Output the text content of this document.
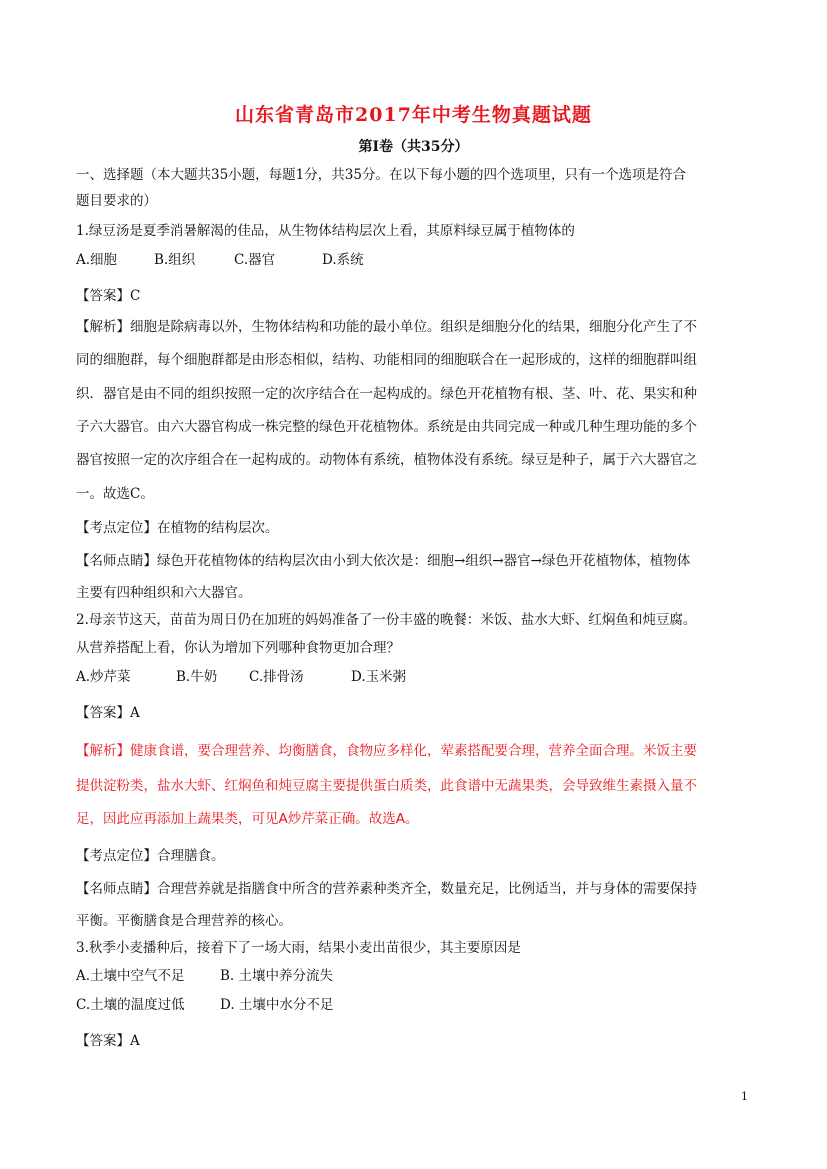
山东省青岛市2017年中考生物真题试题
第Ⅰ卷（共35分）
一、选择题（本大题共35小题，每题1分，共35分。在以下每小题的四个选项里，只有一个选项是符合
题目要求的）
1.绿豆汤是夏季消暑解渴的佳品，从生物体结构层次上看，其原料绿豆属于植物体的
A.细胞	B.组织	C.器官	D.系统
【答案】C
【解析】细胞是除病毒以外，生物体结构和功能的最小单位。组织是细胞分化的结果，细胞分化产生了不
同的细胞群，每个细胞群都是由形态相似，结构、功能相同的细胞联合在一起形成的，这样的细胞群叫组
织．器官是由不同的组织按照一定的次序结合在一起构成的。绿色开花植物有根、茎、叶、花、果实和种
子六大器官。由六大器官构成一株完整的绿色开花植物体。系统是由共同完成一种或几种生理功能的多个
器官按照一定的次序组合在一起构成的。动物体有系统，植物体没有系统。绿豆是种子，属于六大器官之
一。故选C。
【考点定位】在植物的结构层次。
【名师点睛】绿色开花植物体的结构层次由小到大依次是：细胞→组织→器官→绿色开花植物体，植物体
主要有四种组织和六大器官。
2.母亲节这天，苗苗为周日仍在加班的妈妈准备了一份丰盛的晚餐：米饭、盐水大虾、红焖鱼和炖豆腐。
从营养搭配上看，你认为增加下列哪种食物更加合理？
A.炒芹菜	B.牛奶 C.排骨汤	D.玉米粥
【答案】A
【解析】健康食谱，要合理营养、均衡膳食，食物应多样化，荤素搭配要合理，营养全面合理。米饭主要
提供淀粉类，盐水大虾、红焖鱼和炖豆腐主要提供蛋白质类，此食谱中无蔬果类，会导致维生素摄入量不
足，因此应再添加上蔬果类，可见A炒芹菜正确。故选A。
【考点定位】合理膳食。
【名师点睛】合理营养就是指膳食中所含的营养素种类齐全，数量充足，比例适当，并与身体的需要保持
平衡。平衡膳食是合理营养的核心。
3.秋季小麦播种后，接着下了一场大雨，结果小麦出苗很少，其主要原因是
A.土壤中空气不足	B. 土壤中养分流失
C.土壤的温度过低	D. 土壤中水分不足
【答案】A
1
